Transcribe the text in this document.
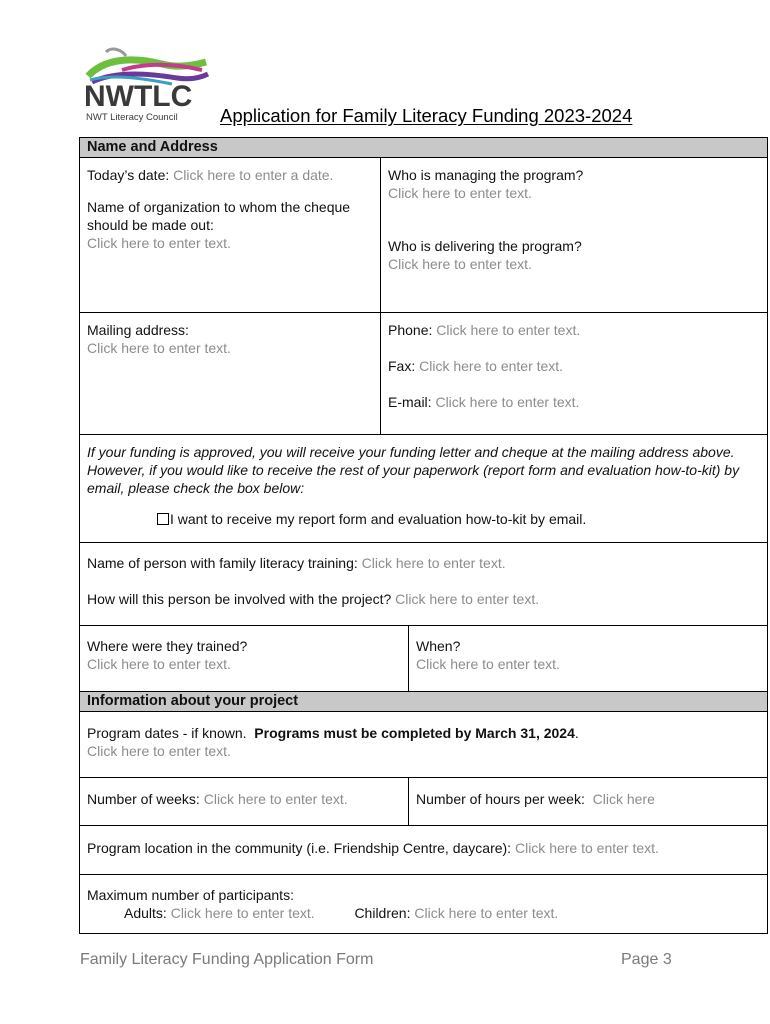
NWTLC
NWT Literacy Council Application for Family Literacy Funding 2023-2024
Name and Address
Today’s date: Click here to enter a date.
Name of organization to whom the cheque should be made out:
Click here to enter text.
Who is managing the program?
Click here to enter text.
Who is delivering the program?
Click here to enter text.
Mailing address:
Click here to enter text.
Phone: Click here to enter text.
Fax: Click here to enter text.
E-mail: Click here to enter text.
If your funding is approved, you will receive your funding letter and cheque at the mailing address above. However, if you would like to receive the rest of your paperwork (report form and evaluation how-to-kit) by email, please check the box below:
I want to receive my report form and evaluation how-to-kit by email.
Name of person with family literacy training: Click here to enter text.
How will this person be involved with the project? Click here to enter text.
Where were they trained?
Click here to enter text.
When?
Click here to enter text.
Information about your project
Program dates - if known. Programs must be completed by March 31, 2024.
Click here to enter text.
Number of weeks: Click here to enter text.	Number of hours per week: Click here
Program location in the community (i.e. Friendship Centre, daycare): Click here to enter text.
Maximum number of participants:
Adults: Click here to enter text.	Children: Click here to enter text.
Family Literacy Funding Application Form	Page 3
